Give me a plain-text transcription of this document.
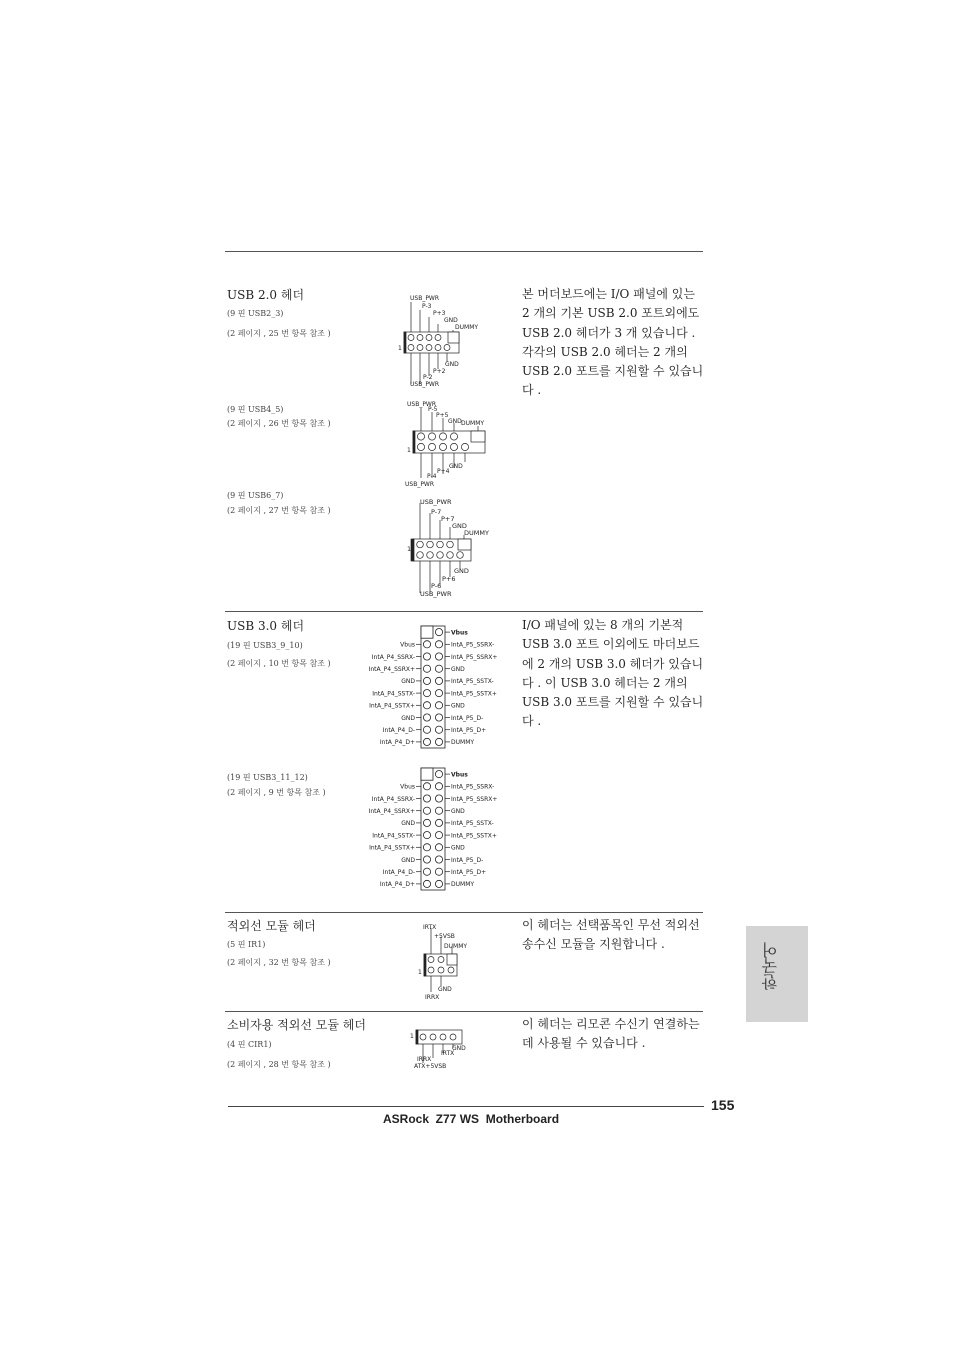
USB 2.0 헤더	본 머더보드에는 I/O 패널에 있는 2 개의 기본 USB 2.0 포트외에도 USB 2.0 헤더가 3 개 있습니다 . 각각의 USB 2.0 헤더는 2 개의 USB 2.0 포트를 지원할 수 있습니다 .
(9 핀 USB2_3)
(2 페이지 , 25 번 항목 참조 )
(9 핀 USB4_5)
(2 페이지 , 26 번 항목 참조 )
(9 핀 USB6_7)
(2 페이지 , 27 번 항목 참조 )
USB_PWR
P-3
P+3
GND
DUMMY
GND
P+2
P-2
USB_PWR
1
USB_PWR
P-5
P+5
GND DUMMY
GND
P+4
P-4
USB_PWR
1
USB_PWR
P-7
P+7
GND
DUMMY
GND
P+6
P-6
USB_PWR
1
USB 3.0 헤더	I/O 패널에 있는 8 개의 기본적 USB 3.0 포트 이외에도 마더보드에 2 개의 USB 3.0 헤더가 있습니다 . 이 USB 3.0 헤더는 2 개의 USB 3.0 포트를 지원할 수 있습니다 .
(19 핀 USB3_9_10)
(2 페이지 , 10 번 항목 참조 )
(19 핀 USB3_11_12)
(2 페이지 , 9 번 항목 참조 )
Vbus
IntA_P5_SSRX-
Vbus
IntA_P5_SSRX+
IntA_P4_SSRX-
GND
IntA_P4_SSRX+
IntA_P5_SSTX-
GND
IntA_P5_SSTX+
IntA_P4_SSTX-
GND
IntA_P4_SSTX+
IntA_P5_D-
GND
IntA_P5_D+
IntA_P4_D-
DUMMY
IntA_P4_D+
Vbus
IntA_P5_SSRX-
Vbus
IntA_P5_SSRX+
IntA_P4_SSRX-
GND
IntA_P4_SSRX+
IntA_P5_SSTX-
GND
IntA_P5_SSTX+
IntA_P4_SSTX-
GND
IntA_P4_SSTX+
IntA_P5_D-
GND
IntA_P5_D+
IntA_P4_D-
DUMMY
IntA_P4_D+
적외선 모듈 헤더	이 헤더는 선택품목인 무선 적외선 송수신 모듈을 지원합니다 .
(5 핀 IR1)
(2 페이지 , 32 번 항목 참조 )
IRTX
+5VSB
DUMMY
GND
IRRX
1
소비자용 적외선 모듈 헤더	이 헤더는 리모콘 수신기 연결하는 데 사용될 수 있습니다 .
(4 핀 CIR1)
(2 페이지 , 28 번 항목 참조 )
GND
IRTX
IRRX
ATX+5VSB
1
한국어
155
ASRock  Z77 WS  Motherboard
